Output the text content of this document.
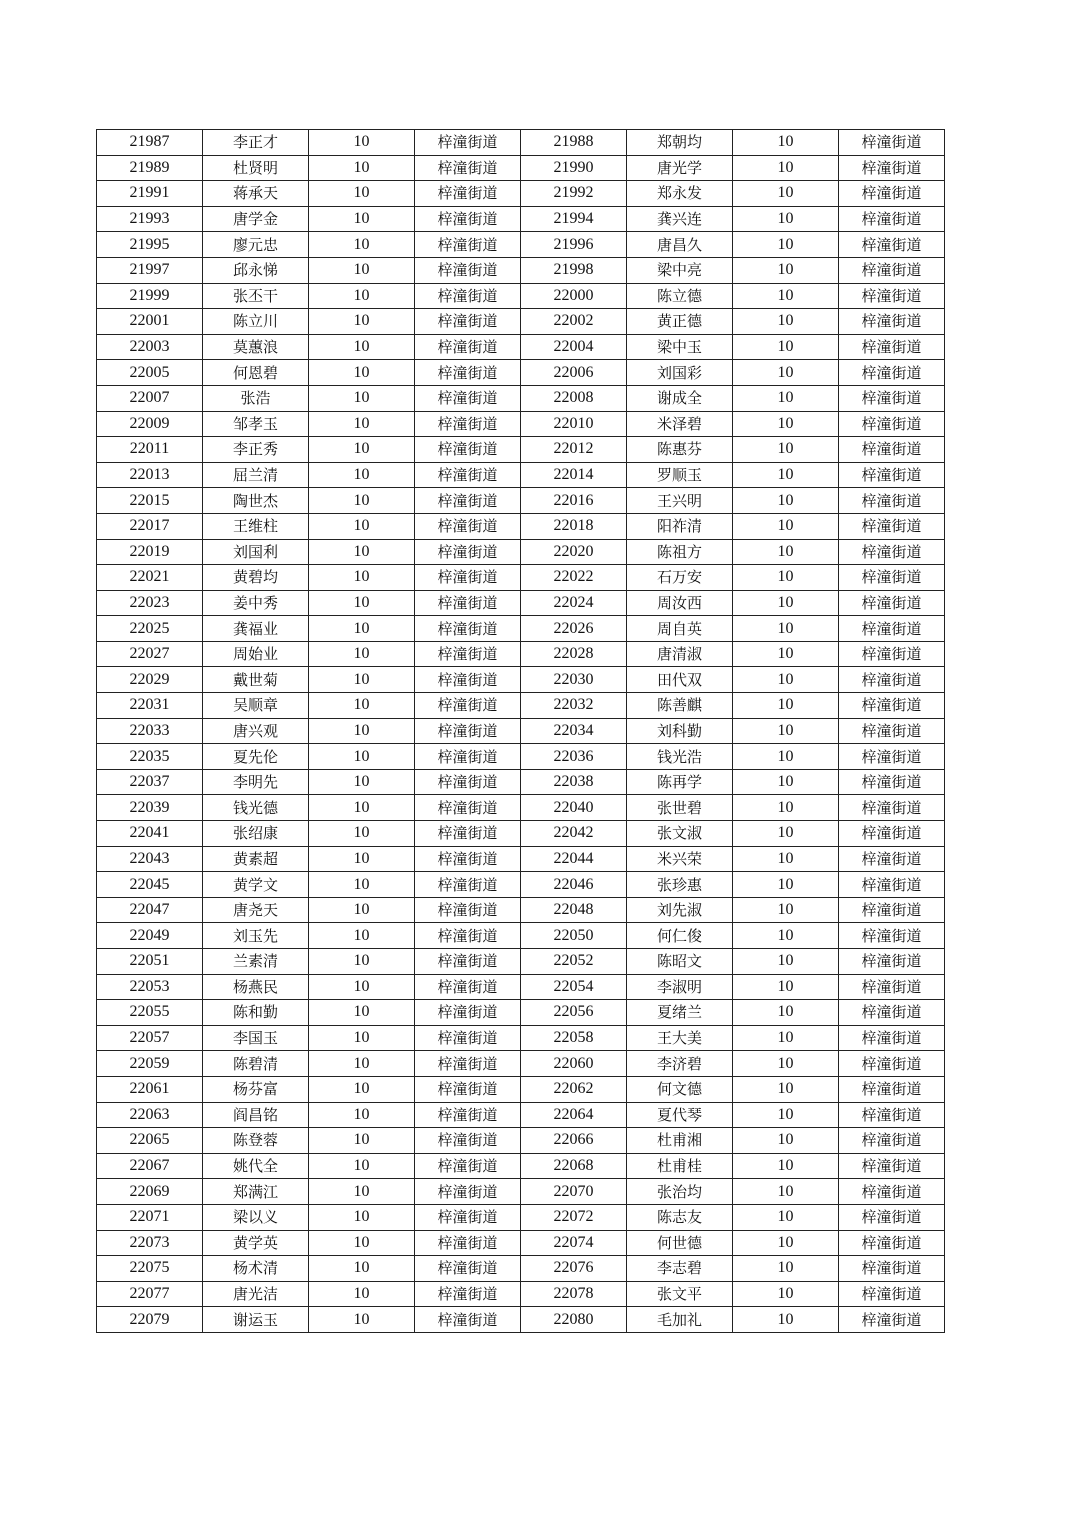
21987	李正才	10	梓潼街道	21988	郑朝均	10	梓潼街道
21989	杜贤明	10	梓潼街道	21990	唐光学	10	梓潼街道
21991	蒋承天	10	梓潼街道	21992	郑永发	10	梓潼街道
21993	唐学金	10	梓潼街道	21994	龚兴连	10	梓潼街道
21995	廖元忠	10	梓潼街道	21996	唐昌久	10	梓潼街道
21997	邱永悌	10	梓潼街道	21998	梁中亮	10	梓潼街道
21999	张丕干	10	梓潼街道	22000	陈立德	10	梓潼街道
22001	陈立川	10	梓潼街道	22002	黄正德	10	梓潼街道
22003	莫蕙浪	10	梓潼街道	22004	梁中玉	10	梓潼街道
22005	何恩碧	10	梓潼街道	22006	刘国彩	10	梓潼街道
22007	张浩	10	梓潼街道	22008	谢成全	10	梓潼街道
22009	邹孝玉	10	梓潼街道	22010	米泽碧	10	梓潼街道
22011	李正秀	10	梓潼街道	22012	陈惠芬	10	梓潼街道
22013	屈兰清	10	梓潼街道	22014	罗顺玉	10	梓潼街道
22015	陶世杰	10	梓潼街道	22016	王兴明	10	梓潼街道
22017	王维柱	10	梓潼街道	22018	阳祚清	10	梓潼街道
22019	刘国利	10	梓潼街道	22020	陈祖方	10	梓潼街道
22021	黄碧均	10	梓潼街道	22022	石万安	10	梓潼街道
22023	姜中秀	10	梓潼街道	22024	周汝西	10	梓潼街道
22025	龚福业	10	梓潼街道	22026	周自英	10	梓潼街道
22027	周始业	10	梓潼街道	22028	唐清淑	10	梓潼街道
22029	戴世菊	10	梓潼街道	22030	田代双	10	梓潼街道
22031	吴顺章	10	梓潼街道	22032	陈善麒	10	梓潼街道
22033	唐兴观	10	梓潼街道	22034	刘科勤	10	梓潼街道
22035	夏先伦	10	梓潼街道	22036	钱光浩	10	梓潼街道
22037	李明先	10	梓潼街道	22038	陈再学	10	梓潼街道
22039	钱光德	10	梓潼街道	22040	张世碧	10	梓潼街道
22041	张绍康	10	梓潼街道	22042	张文淑	10	梓潼街道
22043	黄素超	10	梓潼街道	22044	米兴荣	10	梓潼街道
22045	黄学文	10	梓潼街道	22046	张珍惠	10	梓潼街道
22047	唐尧天	10	梓潼街道	22048	刘先淑	10	梓潼街道
22049	刘玉先	10	梓潼街道	22050	何仁俊	10	梓潼街道
22051	兰素清	10	梓潼街道	22052	陈昭文	10	梓潼街道
22053	杨燕民	10	梓潼街道	22054	李淑明	10	梓潼街道
22055	陈和勤	10	梓潼街道	22056	夏绪兰	10	梓潼街道
22057	李国玉	10	梓潼街道	22058	王大美	10	梓潼街道
22059	陈碧清	10	梓潼街道	22060	李济碧	10	梓潼街道
22061	杨芬富	10	梓潼街道	22062	何文德	10	梓潼街道
22063	阎昌铭	10	梓潼街道	22064	夏代琴	10	梓潼街道
22065	陈登蓉	10	梓潼街道	22066	杜甫湘	10	梓潼街道
22067	姚代全	10	梓潼街道	22068	杜甫桂	10	梓潼街道
22069	郑满江	10	梓潼街道	22070	张治均	10	梓潼街道
22071	梁以义	10	梓潼街道	22072	陈志友	10	梓潼街道
22073	黄学英	10	梓潼街道	22074	何世德	10	梓潼街道
22075	杨术清	10	梓潼街道	22076	李志碧	10	梓潼街道
22077	唐光洁	10	梓潼街道	22078	张文平	10	梓潼街道
22079	谢运玉	10	梓潼街道	22080	毛加礼	10	梓潼街道
